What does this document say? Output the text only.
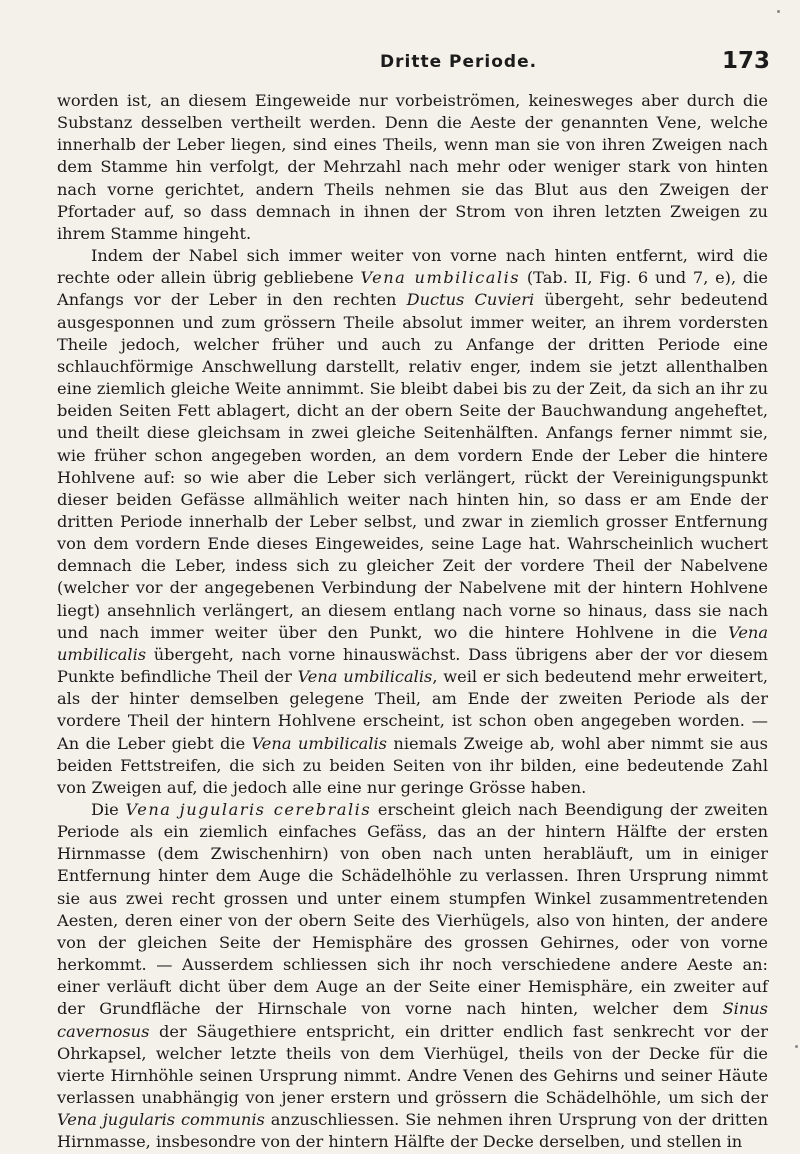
Dritte Periode.	173

worden ist, an diesem Eingeweide nur vorbeiströmen, keinesweges aber durch die Substanz desselben vertheilt werden. Denn die Aeste der genannten Vene, welche innerhalb der Leber liegen, sind eines Theils, wenn man sie von ihren Zweigen nach dem Stamme hin verfolgt, der Mehrzahl nach mehr oder weniger stark von hinten nach vorne gerichtet, andern Theils nehmen sie das Blut aus den Zweigen der Pfortader auf, so dass demnach in ihnen der Strom von ihren letzten Zweigen zu ihrem Stamme hingeht.

Indem der Nabel sich immer weiter von vorne nach hinten entfernt, wird die rechte oder allein übrig gebliebene Vena umbilicalis (Tab. II, Fig. 6 und 7, e), die Anfangs vor der Leber in den rechten Ductus Cuvieri übergeht, sehr bedeutend ausgesponnen und zum grössern Theile absolut immer weiter, an ihrem vordersten Theile jedoch, welcher früher und auch zu Anfange der dritten Periode eine schlauchförmige Anschwellung darstellt, relativ enger, indem sie jetzt allenthalben eine ziemlich gleiche Weite annimmt. Sie bleibt dabei bis zu der Zeit, da sich an ihr zu beiden Seiten Fett ablagert, dicht an der obern Seite der Bauchwandung angeheftet, und theilt diese gleichsam in zwei gleiche Seitenhälften. Anfangs ferner nimmt sie, wie früher schon angegeben worden, an dem vordern Ende der Leber die hintere Hohlvene auf: so wie aber die Leber sich verlängert, rückt der Vereinigungspunkt dieser beiden Gefässe allmählich weiter nach hinten hin, so dass er am Ende der dritten Periode innerhalb der Leber selbst, und zwar in ziemlich grosser Entfernung von dem vordern Ende dieses Eingeweides, seine Lage hat. Wahrscheinlich wuchert demnach die Leber, indess sich zu gleicher Zeit der vordere Theil der Nabelvene (welcher vor der angegebenen Verbindung der Nabelvene mit der hintern Hohlvene liegt) ansehnlich verlängert, an diesem entlang nach vorne so hinaus, dass sie nach und nach immer weiter über den Punkt, wo die hintere Hohlvene in die Vena umbilicalis übergeht, nach vorne hinauswächst. Dass übrigens aber der vor diesem Punkte befindliche Theil der Vena umbilicalis, weil er sich bedeutend mehr erweitert, als der hinter demselben gelegene Theil, am Ende der zweiten Periode als der vordere Theil der hintern Hohlvene erscheint, ist schon oben angegeben worden. — An die Leber giebt die Vena umbilicalis niemals Zweige ab, wohl aber nimmt sie aus beiden Fettstreifen, die sich zu beiden Seiten von ihr bilden, eine bedeutende Zahl von Zweigen auf, die jedoch alle eine nur geringe Grösse haben.

Die Vena jugularis cerebralis erscheint gleich nach Beendigung der zweiten Periode als ein ziemlich einfaches Gefäss, das an der hintern Hälfte der ersten Hirnmasse (dem Zwischenhirn) von oben nach unten herabläuft, um in einiger Entfernung hinter dem Auge die Schädelhöhle zu verlassen. Ihren Ursprung nimmt sie aus zwei recht grossen und unter einem stumpfen Winkel zusammentretenden Aesten, deren einer von der obern Seite des Vierhügels, also von hinten, der andere von der gleichen Seite der Hemisphäre des grossen Gehirnes, oder von vorne herkommt. — Ausserdem schliessen sich ihr noch verschiedene andere Aeste an: einer verläuft dicht über dem Auge an der Seite einer Hemisphäre, ein zweiter auf der Grundfläche der Hirnschale von vorne nach hinten, welcher dem Sinus cavernosus der Säugethiere entspricht, ein dritter endlich fast senkrecht vor der Ohrkapsel, welcher letzte theils von dem Vierhügel, theils von der Decke für die vierte Hirnhöhle seinen Ursprung nimmt. Andre Venen des Gehirns und seiner Häute verlassen unabhängig von jener erstern und grössern die Schädelhöhle, um sich der Vena jugularis communis anzuschliessen. Sie nehmen ihren Ursprung von der dritten Hirnmasse, insbesondre von der hintern Hälfte der Decke derselben, und stellen in
